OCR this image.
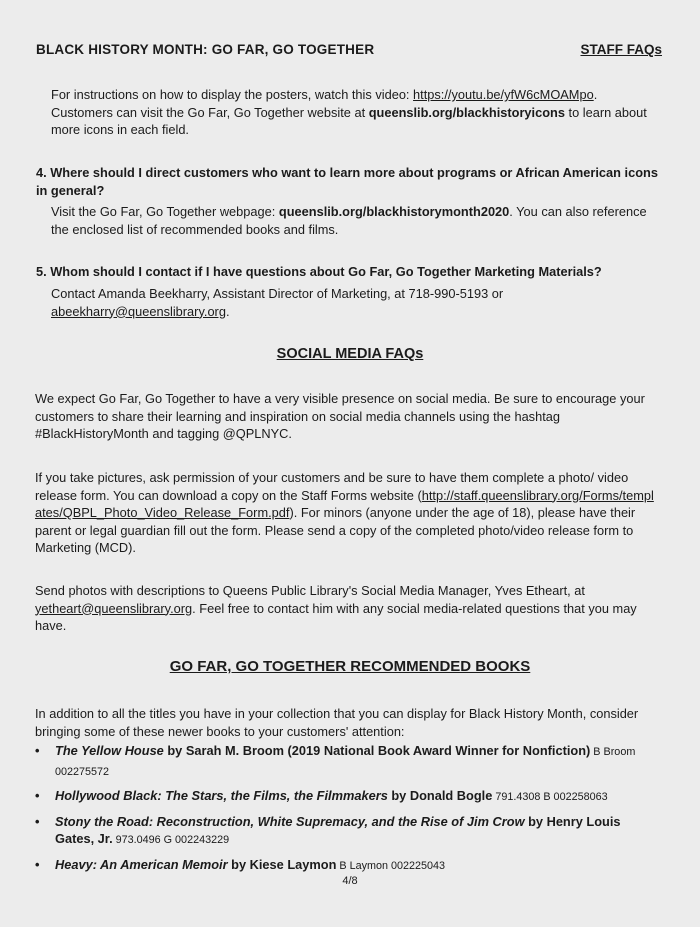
BLACK HISTORY MONTH: GO FAR, GO TOGETHER	STAFF FAQs
For instructions on how to display the posters, watch this video: https://youtu.be/yfW6cMOAMpo.
Customers can visit the Go Far, Go Together website at queenslib.org/blackhistoryicons to learn about more icons in each field.
4. Where should I direct customers who want to learn more about programs or African American icons in general?
Visit the Go Far, Go Together webpage: queenslib.org/blackhistorymonth2020. You can also reference the enclosed list of recommended books and films.
5. Whom should I contact if I have questions about Go Far, Go Together Marketing Materials?
Contact Amanda Beekharry, Assistant Director of Marketing, at 718-990-5193 or
abeekharry@queenslibrary.org.
SOCIAL MEDIA FAQs
We expect Go Far, Go Together to have a very visible presence on social media. Be sure to encourage your customers to share their learning and inspiration on social media channels using the hashtag #BlackHistoryMonth and tagging @QPLNYC.
If you take pictures, ask permission of your customers and be sure to have them complete a photo/ video release form. You can download a copy on the Staff Forms website (http://staff.queenslibrary.org/Forms/templates/QBPL_Photo_Video_Release_Form.pdf). For minors (anyone under the age of 18), please have their parent or legal guardian fill out the form. Please send a copy of the completed photo/video release form to Marketing (MCD).
Send photos with descriptions to Queens Public Library's Social Media Manager, Yves Etheart, at yetheart@queenslibrary.org. Feel free to contact him with any social media-related questions that you may have.
GO FAR, GO TOGETHER RECOMMENDED BOOKS
In addition to all the titles you have in your collection that you can display for Black History Month, consider bringing some of these newer books to your customers' attention:
• The Yellow House by Sarah M. Broom (2019 National Book Award Winner for Nonfiction) B Broom 002275572
• Hollywood Black: The Stars, the Films, the Filmmakers by Donald Bogle 791.4308 B 002258063
• Stony the Road: Reconstruction, White Supremacy, and the Rise of Jim Crow by Henry Louis Gates, Jr. 973.0496 G 002243229
• Heavy: An American Memoir by Kiese Laymon B Laymon 002225043
4/8
